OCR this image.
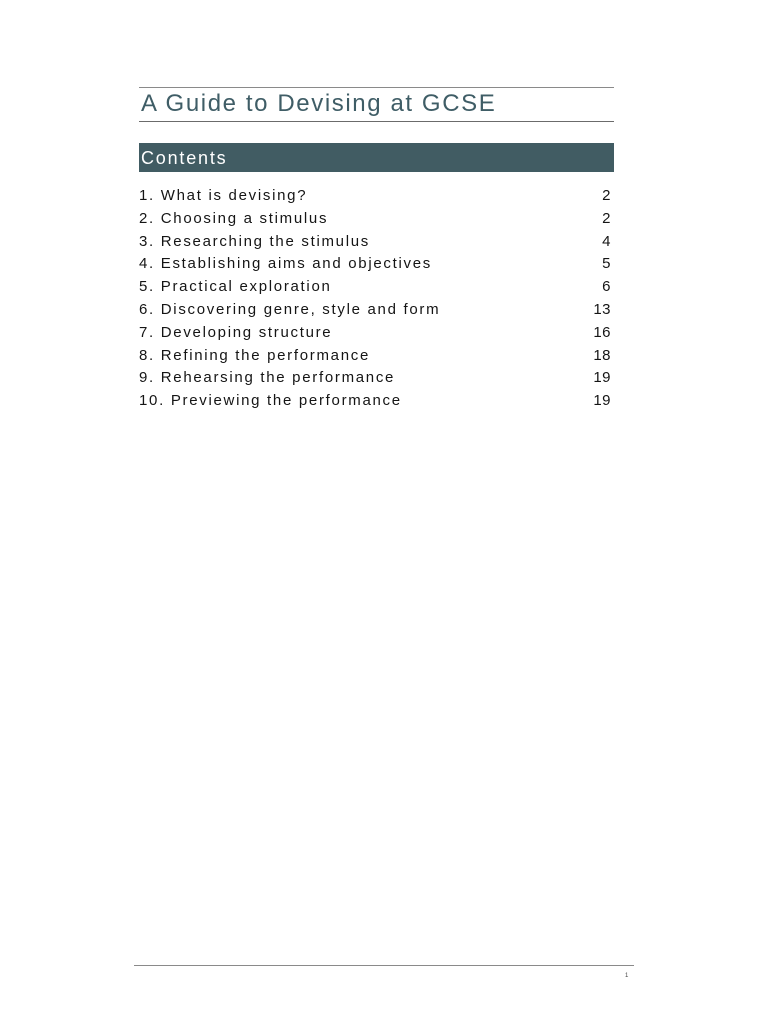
A Guide to Devising at GCSE
Contents
1. What is devising?	2
2. Choosing a stimulus	2
3. Researching the stimulus	4
4. Establishing aims and objectives	5
5. Practical exploration	6
6. Discovering genre, style and form	13
7. Developing structure	16
8. Refining the performance	18
9. Rehearsing the performance	19
10. Previewing the performance	19
1
